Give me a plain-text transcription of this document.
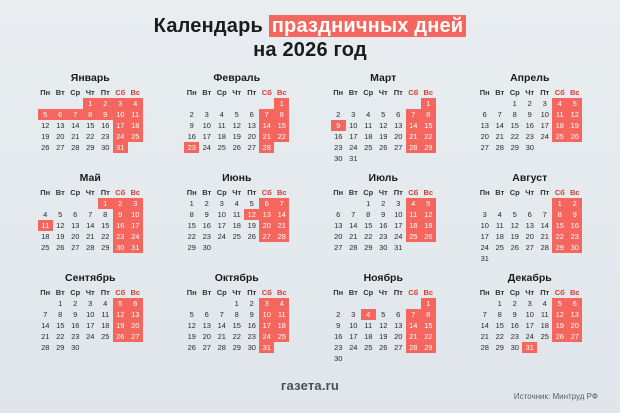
Календарь праздничных дней
на 2026 год
Январь
Пн	Вт	Ср	Чт	Пт	Сб	Вс
			1	2	3	4
5	6	7	8	9	10	11
12	13	14	15	16	17	18
19	20	21	22	23	24	25
26	27	28	29	30	31	
Февраль
Пн	Вт	Ср	Чт	Пт	Сб	Вс
						1
2	3	4	5	6	7	8
9	10	11	12	13	14	15
16	17	18	19	20	21	22
23	24	25	26	27	28	
Март
Пн	Вт	Ср	Чт	Пт	Сб	Вс
						1
2	3	4	5	6	7	8
9	10	11	12	13	14	15
16	17	18	19	20	21	22
23	24	25	26	27	28	29
30	31					
Апрель
Пн	Вт	Ср	Чт	Пт	Сб	Вс
		1	2	3	4	5
6	7	8	9	10	11	12
13	14	15	16	17	18	19
20	21	22	23	24	25	26
27	28	29	30			
Май
Пн	Вт	Ср	Чт	Пт	Сб	Вс
				1	2	3
4	5	6	7	8	9	10
11	12	13	14	15	16	17
18	19	20	21	22	23	24
25	26	27	28	29	30	31
Июнь
Пн	Вт	Ср	Чт	Пт	Сб	Вс
1	2	3	4	5	6	7
8	9	10	11	12	13	14
15	16	17	18	19	20	21
22	23	24	25	26	27	28
29	30					
Июль
Пн	Вт	Ср	Чт	Пт	Сб	Вс
		1	2	3	4	5
6	7	8	9	10	11	12
13	14	15	16	17	18	19
20	21	22	23	24	25	26
27	28	29	30	31		
Август
Пн	Вт	Ср	Чт	Пт	Сб	Вс
					1	2
3	4	5	6	7	8	9
10	11	12	13	14	15	16
17	18	19	20	21	22	23
24	25	26	27	28	29	30
31						
Сентябрь
Пн	Вт	Ср	Чт	Пт	Сб	Вс
	1	2	3	4	5	6
7	8	9	10	11	12	13
14	15	16	17	18	19	20
21	22	23	24	25	26	27
28	29	30				
Октябрь
Пн	Вт	Ср	Чт	Пт	Сб	Вс
			1	2	3	4
5	6	7	8	9	10	11
12	13	14	15	16	17	18
19	20	21	22	23	24	25
26	27	28	29	30	31	
Ноябрь
Пн	Вт	Ср	Чт	Пт	Сб	Вс
						1
2	3	4	5	6	7	8
9	10	11	12	13	14	15
16	17	18	19	20	21	22
23	24	25	26	27	28	29
30						
Декабрь
Пн	Вт	Ср	Чт	Пт	Сб	Вс
	1	2	3	4	5	6
7	8	9	10	11	12	13
14	15	16	17	18	19	20
21	22	23	24	25	26	27
28	29	30	31			
газета.ru
Источник: Минтруд РФ
